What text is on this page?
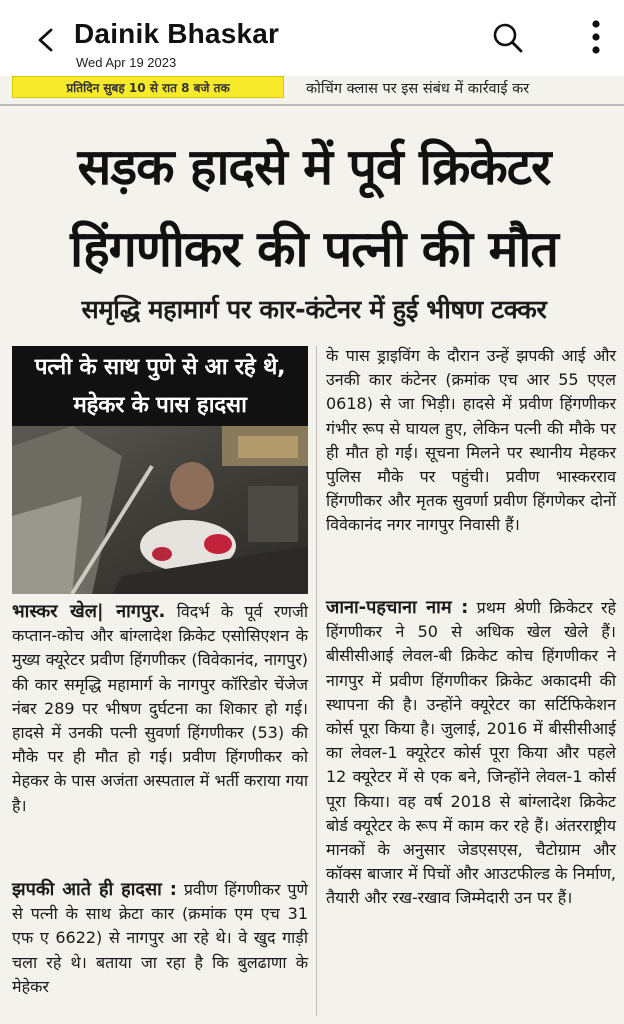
Dainik Bhaskar
Wed Apr 19 2023
प्रतिदिन सुबह 10 से रात 8 बजे तक	कोचिंग क्लास पर इस संबंध में कार्रवाई कर
सड़क हादसे में पूर्व क्रिकेटर हिंगणीकर की पत्नी की मौत
समृद्धि महामार्ग पर कार-कंटेनर में हुई भीषण टक्कर
पत्नी के साथ पुणे से आ रहे थे, महेकर के पास हादसा
भास्कर खेल| नागपुर. विदर्भ के पूर्व रणजी कप्तान-कोच और बांग्लादेश क्रिकेट एसोसिएशन के मुख्य क्यूरेटर प्रवीण हिंगणीकर (विवेकानंद, नागपुर) की कार समृद्धि महामार्ग के नागपुर कॉरिडोर चेंजेज नंबर 289 पर भीषण दुर्घटना का शिकार हो गई। हादसे में उनकी पत्नी सुवर्णा हिंगणीकर (53) की मौके पर ही मौत हो गई। प्रवीण हिंगणीकर को मेहकर के पास अजंता अस्पताल में भर्ती कराया गया है।
झपकी आते ही हादसा : प्रवीण हिंगणीकर पुणे से पत्नी के साथ क्रेटा कार (क्रमांक एम एच 31 एफ ए 6622) से नागपुर आ रहे थे। वे खुद गाड़ी चला रहे थे। बताया जा रहा है कि बुलढाणा के मेहेकर
के पास ड्राइविंग के दौरान उन्हें झपकी आई और उनकी कार कंटेनर (क्रमांक एच आर 55 एएल 0618) से जा भिड़ी। हादसे में प्रवीण हिंगणीकर गंभीर रूप से घायल हुए, लेकिन पत्नी की मौके पर ही मौत हो गई। सूचना मिलने पर स्थानीय मेहकर पुलिस मौके पर पहुंची। प्रवीण भास्करराव हिंगणीकर और मृतक सुवर्णा प्रवीण हिंगणेकर दोनों विवेकानंद नगर नागपुर निवासी हैं।
जाना-पहचाना नाम : प्रथम श्रेणी क्रिकेटर रहे हिंगणीकर ने 50 से अधिक खेल खेले हैं। बीसीसीआई लेवल-बी क्रिकेट कोच हिंगणीकर ने नागपुर में प्रवीण हिंगणीकर क्रिकेट अकादमी की स्थापना की है। उन्होंने क्यूरेटर का सर्टिफिकेशन कोर्स पूरा किया है। जुलाई, 2016 में बीसीसीआई का लेवल-1 क्यूरेटर कोर्स पूरा किया और पहले 12 क्यूरेटर में से एक बने, जिन्होंने लेवल-1 कोर्स पूरा किया। वह वर्ष 2018 से बांग्लादेश क्रिकेट बोर्ड क्यूरेटर के रूप में काम कर रहे हैं। अंतरराष्ट्रीय मानकों के अनुसार जेडएसएस, चैटोग्राम और कॉक्स बाजार में पिचों और आउटफील्ड के निर्माण, तैयारी और रख-रखाव जिम्मेदारी उन पर हैं।
